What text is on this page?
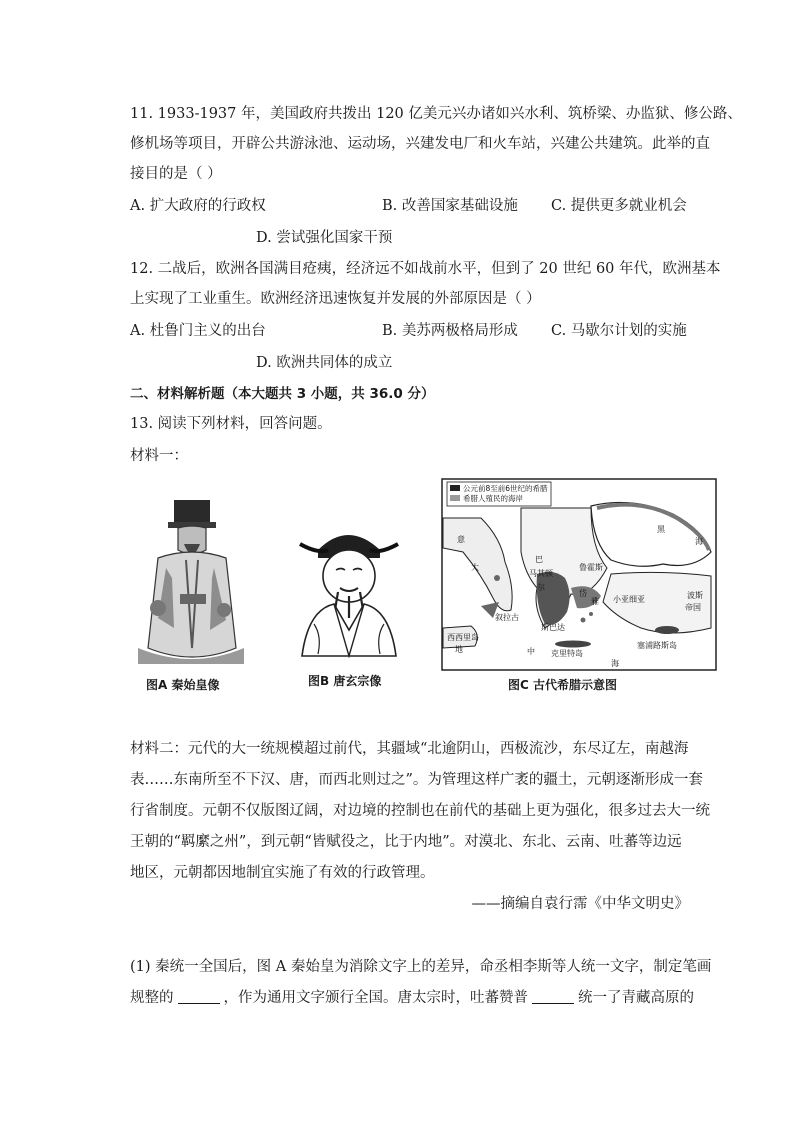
11. 1933-1937 年，美国政府共拨出 120 亿美元兴办诸如兴水利、筑桥梁、办监狱、修公路、
修机场等项目，开辟公共游泳池、运动场，兴建发电厂和火车站，兴建公共建筑。此举的直
接目的是（ ）
A. 扩大政府的行政权	B. 改善国家基础设施 C. 提供更多就业机会
D. 尝试强化国家干预
12. 二战后，欧洲各国满目疮痍，经济远不如战前水平，但到了 20 世纪 60 年代，欧洲基本
上实现了工业重生。欧洲经济迅速恢复并发展的外部原因是（ ）
A. 杜鲁门主义的出台	B. 美苏两极格局形成 C. 马歇尔计划的实施
D. 欧洲共同体的成立
二、材料解析题（本大题共 3 小题，共 36.0 分）
13. 阅读下列材料，回答问题。
材料一：
图A 秦始皇像	图B 唐玄宗像
公元前8至前6世纪的希腊
希腊人殖民的海岸
黑
海
意
大
巴
马其顿
尔
鲁霍斯
小亚细亚	波斯
帝国
叙拉古
斯巴达
西西里岛
地	中 克里特岛
塞浦路斯岛
海
岱
雅
图C 古代希腊示意图
材料二：元代的大一统规模超过前代，其疆域“北逾阴山，西极流沙，东尽辽左，南越海
表……东南所至不下汉、唐，而西北则过之”。为管理这样广袤的疆土，元朝逐渐形成一套
行省制度。元朝不仅版图辽阔，对边境的控制也在前代的基础上更为强化，很多过去大一统
王朝的“羁縻之州”，到元朝“皆赋役之，比于内地”。对漠北、东北、云南、吐蕃等边远
地区，元朝都因地制宜实施了有效的行政管理。
——摘编自袁行霈《中华文明史》
(1) 秦统一全国后，图 A 秦始皇为消除文字上的差异，命丞相李斯等人统一文字，制定笔画
规整的	，作为通用文字颁行全国。唐太宗时，吐蕃赞普	统一了青藏高原的
